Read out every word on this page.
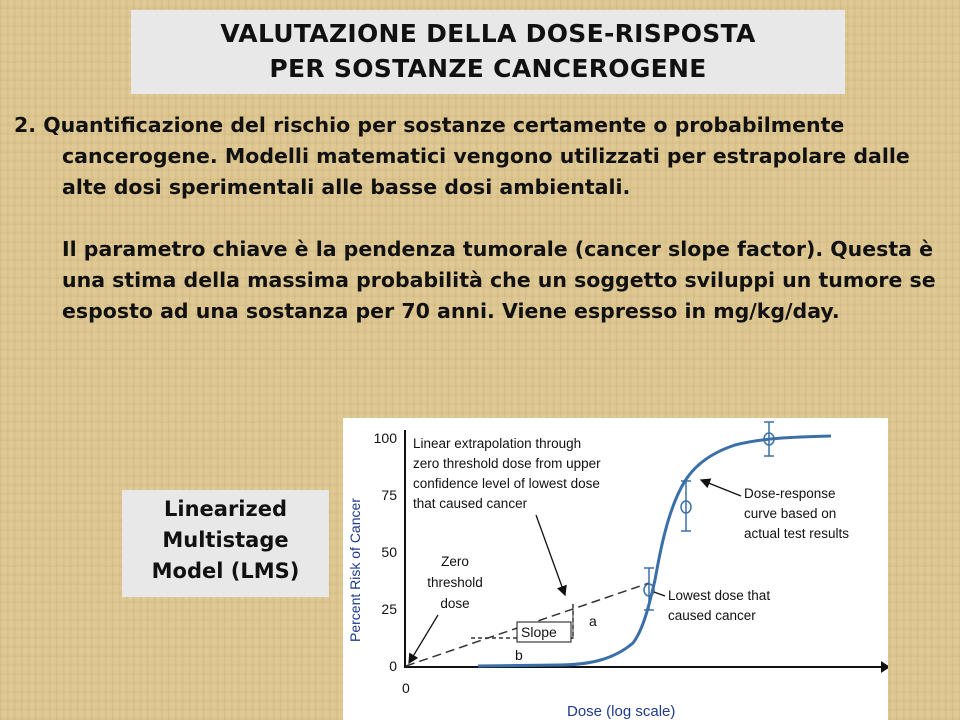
VALUTAZIONE DELLA DOSE-RISPOSTA
PER SOSTANZE CANCEROGENE

2. Quantificazione del rischio per sostanze certamente o probabilmente cancerogene. Modelli matematici vengono utilizzati per estrapolare dalle alte dosi sperimentali alle basse dosi ambientali.

Il parametro chiave è la pendenza tumorale (cancer slope factor). Questa è una stima della massima probabilità che un soggetto sviluppi un tumore se esposto ad una sostanza per 70 anni. Viene espresso in mg/kg/day.

Linearized
Multistage
Model (LMS)
100
75
50
25
0
0
Dose (log scale)
Percent Risk of Cancer
Linear extrapolation through
zero threshold dose from upper
confidence level of lowest dose
that caused cancer
Dose-response
curve based on
actual test results
Zero
threshold
dose
Lowest dose that
caused cancer
Slope
a
b
